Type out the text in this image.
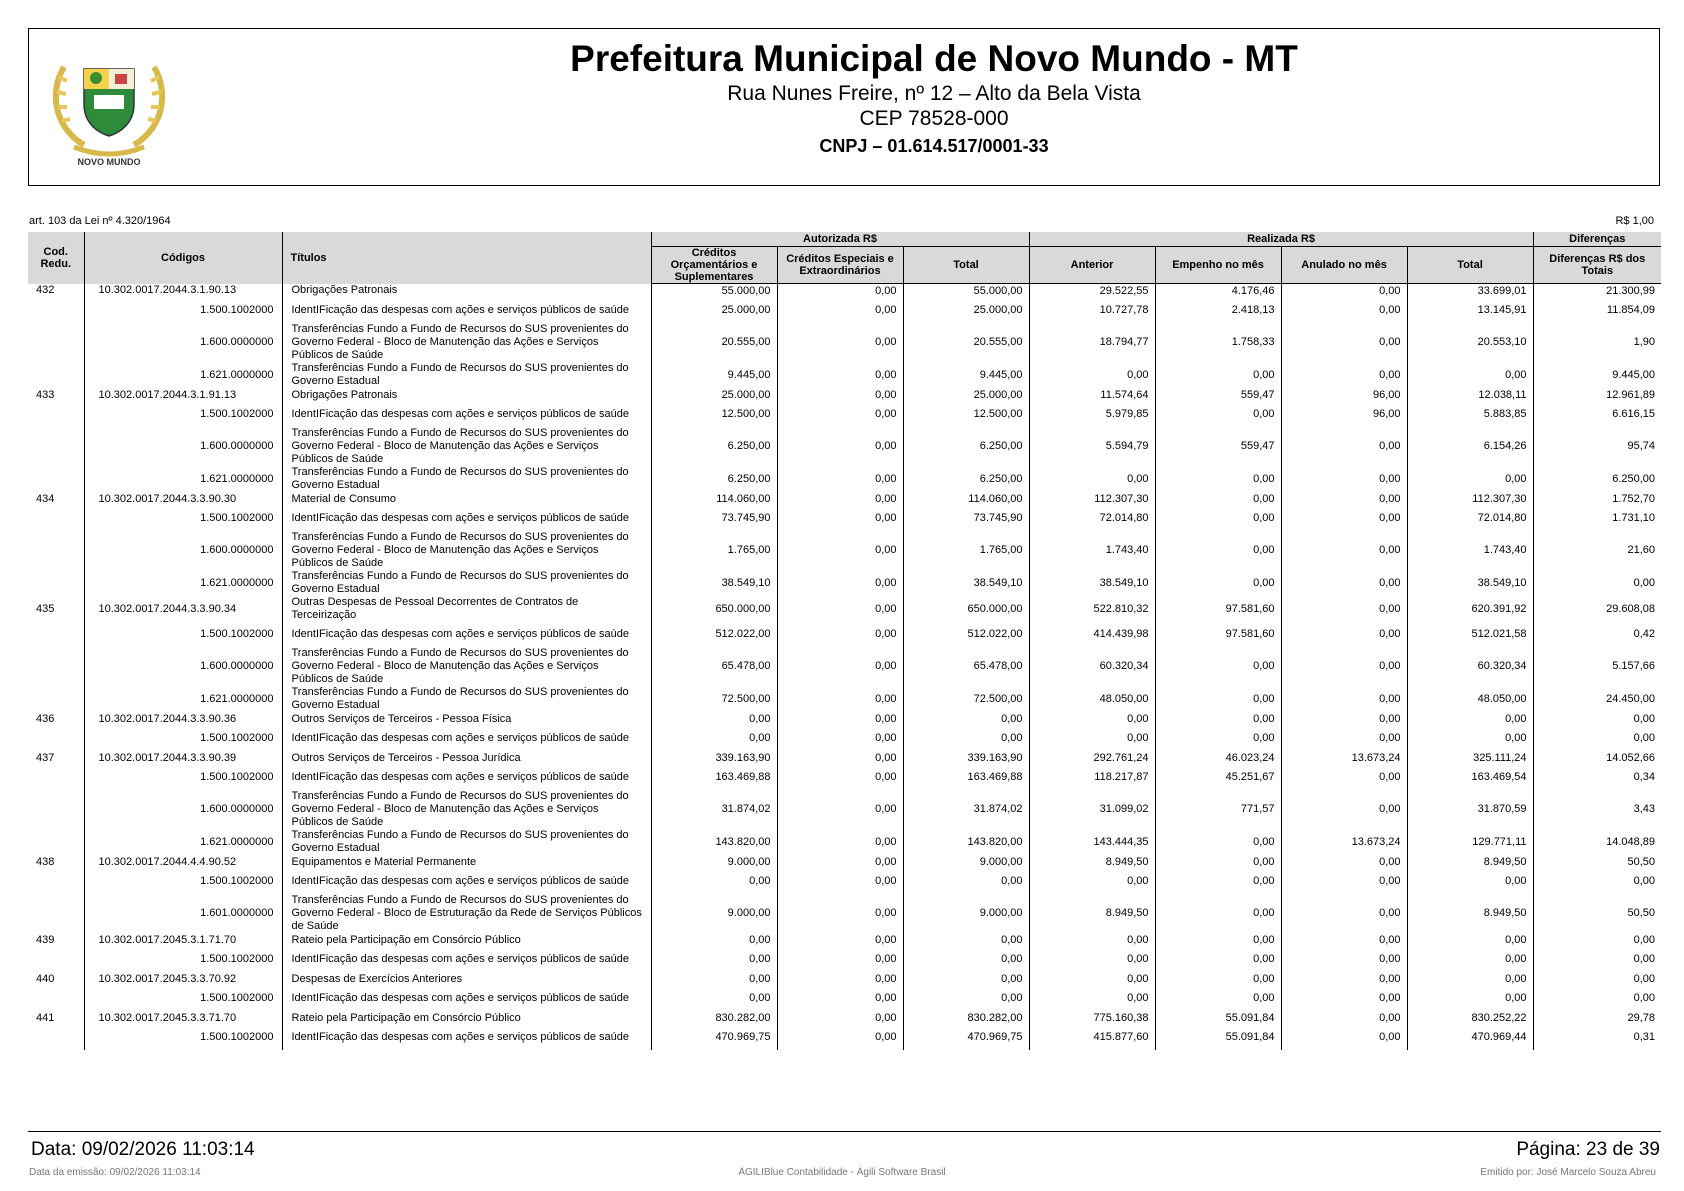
NOVO MUNDO
Prefeitura Municipal de Novo Mundo - MT
Rua Nunes Freire, nº 12 – Alto da Bela Vista
CEP 78528-000
CNPJ – 01.614.517/0001-33
art. 103 da Lei nº 4.320/1964	R$ 1,00
Cod. Redu.	Códigos	Títulos	Autorizada R$			Realizada R$				Diferenças
			Créditos Orçamentários e Suplementares	Créditos Especiais e Extraordinários	Total	Anterior	Empenho no mês	Anulado no mês	Total	Diferenças R$ dos Totais
432	10.302.0017.2044.3.1.90.13	Obrigações Patronais	55.000,00	0,00	55.000,00	29.522,55	4.176,46	0,00	33.699,01	21.300,99
	1.500.1002000	IdentIFicação das despesas com ações e serviços públicos de saúde	25.000,00	0,00	25.000,00	10.727,78	2.418,13	0,00	13.145,91	11.854,09
	1.600.0000000	Transferências Fundo a Fundo de Recursos do SUS provenientes do Governo Federal - Bloco de Manutenção das Ações e Serviços Públicos de Saúde	20.555,00	0,00	20.555,00	18.794,77	1.758,33	0,00	20.553,10	1,90
	1.621.0000000	Transferências Fundo a Fundo de Recursos do SUS provenientes do Governo Estadual	9.445,00	0,00	9.445,00	0,00	0,00	0,00	0,00	9.445,00
433	10.302.0017.2044.3.1.91.13	Obrigações Patronais	25.000,00	0,00	25.000,00	11.574,64	559,47	96,00	12.038,11	12.961,89
	1.500.1002000	IdentIFicação das despesas com ações e serviços públicos de saúde	12.500,00	0,00	12.500,00	5.979,85	0,00	96,00	5.883,85	6.616,15
	1.600.0000000	Transferências Fundo a Fundo de Recursos do SUS provenientes do Governo Federal - Bloco de Manutenção das Ações e Serviços Públicos de Saúde	6.250,00	0,00	6.250,00	5.594,79	559,47	0,00	6.154,26	95,74
	1.621.0000000	Transferências Fundo a Fundo de Recursos do SUS provenientes do Governo Estadual	6.250,00	0,00	6.250,00	0,00	0,00	0,00	0,00	6.250,00
434	10.302.0017.2044.3.3.90.30	Material de Consumo	114.060,00	0,00	114.060,00	112.307,30	0,00	0,00	112.307,30	1.752,70
	1.500.1002000	IdentIFicação das despesas com ações e serviços públicos de saúde	73.745,90	0,00	73.745,90	72.014,80	0,00	0,00	72.014,80	1.731,10
	1.600.0000000	Transferências Fundo a Fundo de Recursos do SUS provenientes do Governo Federal - Bloco de Manutenção das Ações e Serviços Públicos de Saúde	1.765,00	0,00	1.765,00	1.743,40	0,00	0,00	1.743,40	21,60
	1.621.0000000	Transferências Fundo a Fundo de Recursos do SUS provenientes do Governo Estadual	38.549,10	0,00	38.549,10	38.549,10	0,00	0,00	38.549,10	0,00
435	10.302.0017.2044.3.3.90.34	Outras Despesas de Pessoal Decorrentes de Contratos de Terceirização	650.000,00	0,00	650.000,00	522.810,32	97.581,60	0,00	620.391,92	29.608,08
	1.500.1002000	IdentIFicação das despesas com ações e serviços públicos de saúde	512.022,00	0,00	512.022,00	414.439,98	97.581,60	0,00	512.021,58	0,42
	1.600.0000000	Transferências Fundo a Fundo de Recursos do SUS provenientes do Governo Federal - Bloco de Manutenção das Ações e Serviços Públicos de Saúde	65.478,00	0,00	65.478,00	60.320,34	0,00	0,00	60.320,34	5.157,66
	1.621.0000000	Transferências Fundo a Fundo de Recursos do SUS provenientes do Governo Estadual	72.500,00	0,00	72.500,00	48.050,00	0,00	0,00	48.050,00	24.450,00
436	10.302.0017.2044.3.3.90.36	Outros Serviços de Terceiros - Pessoa Física	0,00	0,00	0,00	0,00	0,00	0,00	0,00	0,00
	1.500.1002000	IdentIFicação das despesas com ações e serviços públicos de saúde	0,00	0,00	0,00	0,00	0,00	0,00	0,00	0,00
437	10.302.0017.2044.3.3.90.39	Outros Serviços de Terceiros - Pessoa Jurídica	339.163,90	0,00	339.163,90	292.761,24	46.023,24	13.673,24	325.111,24	14.052,66
	1.500.1002000	IdentIFicação das despesas com ações e serviços públicos de saúde	163.469,88	0,00	163.469,88	118.217,87	45.251,67	0,00	163.469,54	0,34
	1.600.0000000	Transferências Fundo a Fundo de Recursos do SUS provenientes do Governo Federal - Bloco de Manutenção das Ações e Serviços Públicos de Saúde	31.874,02	0,00	31.874,02	31.099,02	771,57	0,00	31.870,59	3,43
	1.621.0000000	Transferências Fundo a Fundo de Recursos do SUS provenientes do Governo Estadual	143.820,00	0,00	143.820,00	143.444,35	0,00	13.673,24	129.771,11	14.048,89
438	10.302.0017.2044.4.4.90.52	Equipamentos e Material Permanente	9.000,00	0,00	9.000,00	8.949,50	0,00	0,00	8.949,50	50,50
	1.500.1002000	IdentIFicação das despesas com ações e serviços públicos de saúde	0,00	0,00	0,00	0,00	0,00	0,00	0,00	0,00
	1.601.0000000	Transferências Fundo a Fundo de Recursos do SUS provenientes do Governo Federal - Bloco de Estruturação da Rede de Serviços Públicos de Saúde	9.000,00	0,00	9.000,00	8.949,50	0,00	0,00	8.949,50	50,50
439	10.302.0017.2045.3.1.71.70	Rateio pela Participação em Consórcio Público	0,00	0,00	0,00	0,00	0,00	0,00	0,00	0,00
	1.500.1002000	IdentIFicação das despesas com ações e serviços públicos de saúde	0,00	0,00	0,00	0,00	0,00	0,00	0,00	0,00
440	10.302.0017.2045.3.3.70.92	Despesas de Exercícios Anteriores	0,00	0,00	0,00	0,00	0,00	0,00	0,00	0,00
	1.500.1002000	IdentIFicação das despesas com ações e serviços públicos de saúde	0,00	0,00	0,00	0,00	0,00	0,00	0,00	0,00
441	10.302.0017.2045.3.3.71.70	Rateio pela Participação em Consórcio Público	830.282,00	0,00	830.282,00	775.160,38	55.091,84	0,00	830.252,22	29,78
	1.500.1002000	IdentIFicação das despesas com ações e serviços públicos de saúde	470.969,75	0,00	470.969,75	415.877,60	55.091,84	0,00	470.969,44	0,31
Data: 09/02/2026 11:03:14	Página: 23 de 39
Data da emissão: 09/02/2026 11:03:14	ÁGILIBlue Contabilidade - Ágili Software Brasil	Emitido por: José Marcelo Souza Abreu
